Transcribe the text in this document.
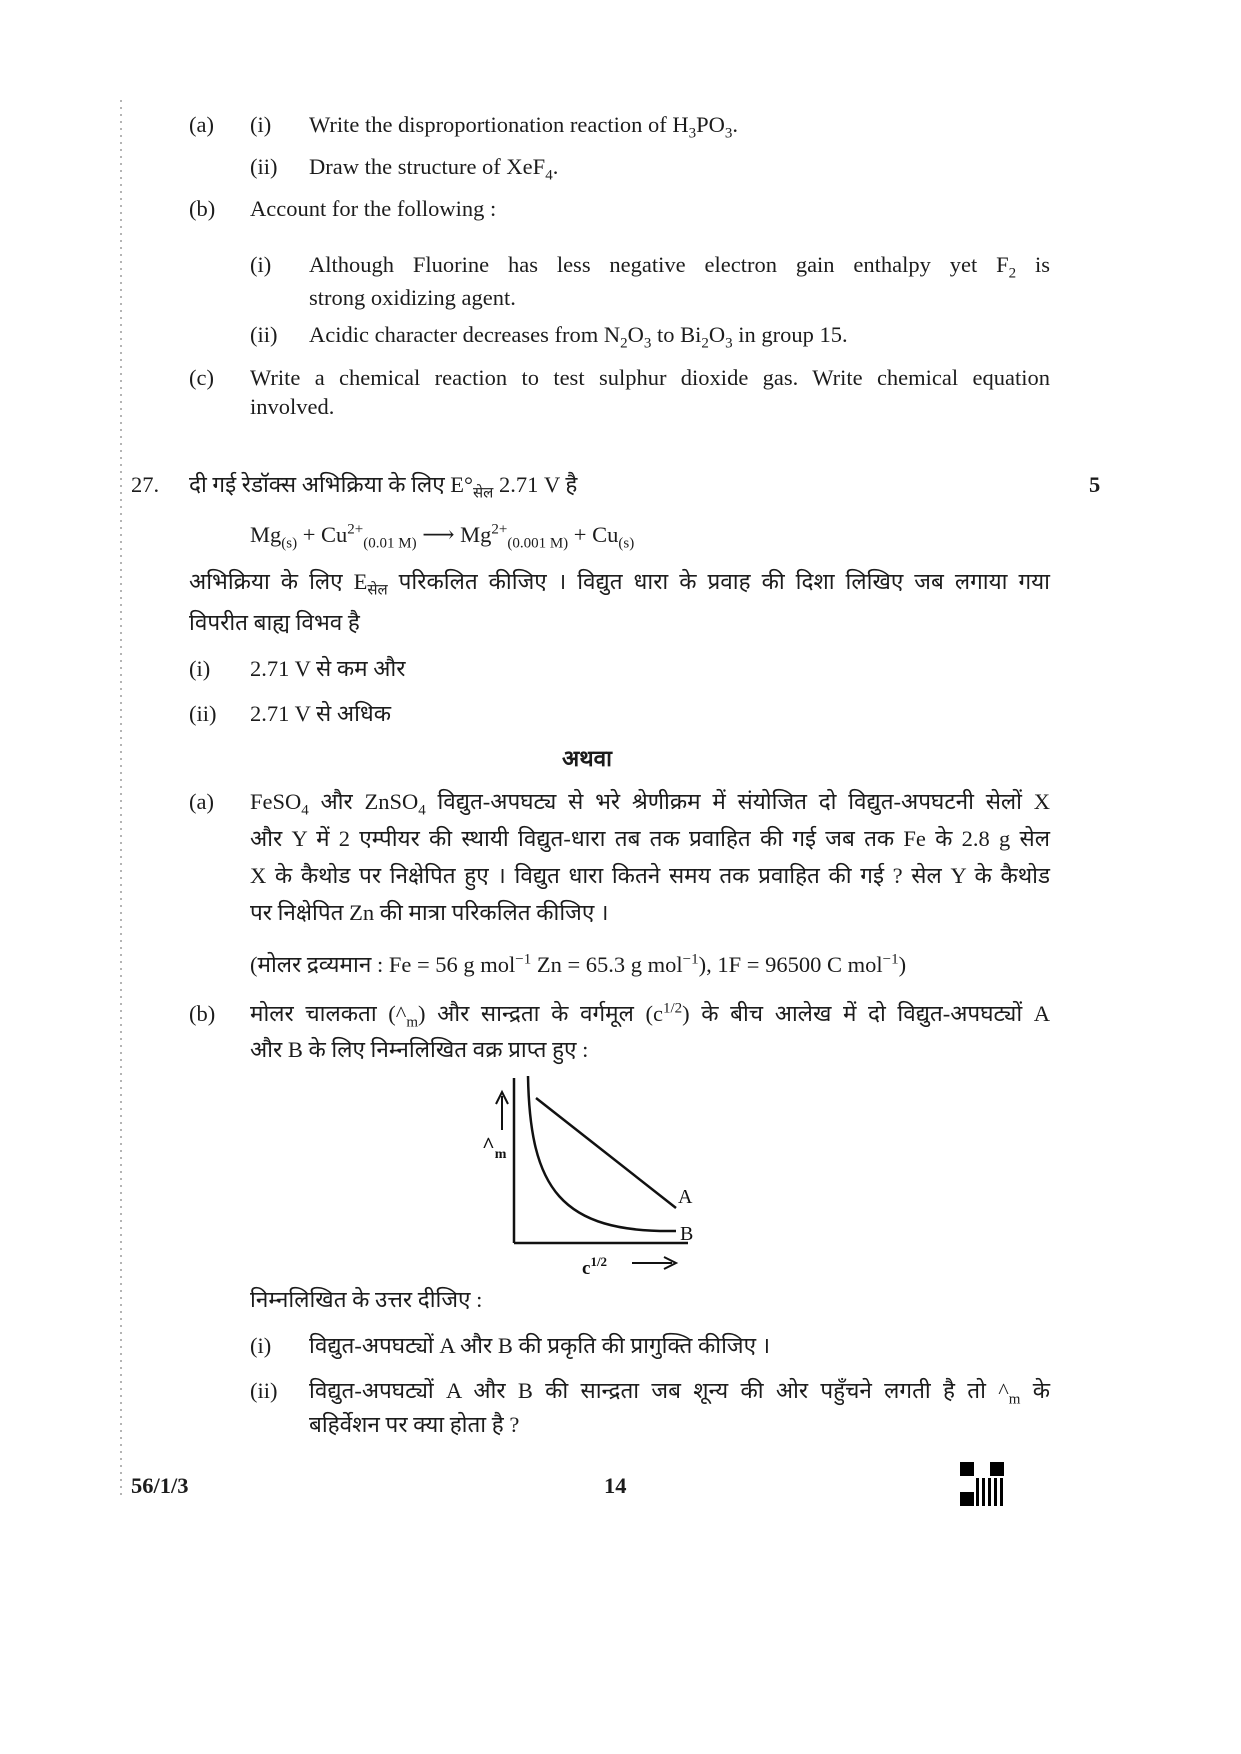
(a) (i) Write the disproportionation reaction of $H_3PO_3$.
(ii) Draw the structure of XeF$_4$.
(b) Account for the following :
(i) Although Fluorine has less negative electron gain enthalpy yet $F_2$ is
strong oxidizing agent.
(ii) Acidic character decreases from $N_2O_3$ to $Bi_2O_3$ in group 15.
(c) Write a chemical reaction to test sulphur dioxide gas. Write chemical equation
involved.
27. दी गई रेडॉक्स अभिक्रिया के लिए $E^\circ_{सेल}$ 2.71 V है	5
$Mg_{(s)} + Cu^{2+}_{(0.01 M)}$ ⟶ $Mg^{2+}_{(0.001 M)} + Cu_{(s)}$
अभिक्रिया के लिए $E_{सेल}$ परिकलित कीजिए । विद्युत धारा के प्रवाह की दिशा लिखिए जब लगाया गया
विपरीत बाह्य विभव है
(i) 2.71 V से कम और
(ii) 2.71 V से अधिक
अथवा
(a) FeSO$_4$ और ZnSO$_4$ विद्युत-अपघट्य से भरे श्रेणीक्रम में संयोजित दो विद्युत-अपघटनी सेलों X
और Y में 2 एम्पीयर की स्थायी विद्युत-धारा तब तक प्रवाहित की गई जब तक Fe के 2.8 g सेल
X के कैथोड पर निक्षेपित हुए । विद्युत धारा कितने समय तक प्रवाहित की गई ? सेल Y के कैथोड
पर निक्षेपित Zn की मात्रा परिकलित कीजिए ।
(मोलर द्रव्यमान : Fe = 56 g mol$^{-1}$ Zn = 65.3 g mol$^{-1}$), 1F = 96500 C mol$^{-1}$)
(b) मोलर चालकता $(\^{}_m)$ और सान्द्रता के वर्गमूल $(c^{1/2})$ के बीच आलेख में दो विद्युत-अपघट्यों A
और B के लिए निम्नलिखित वक्र प्राप्त हुए :
$\^{}_m$
$c^{1/2}$
A
B
निम्नलिखित के उत्तर दीजिए :
(i) विद्युत-अपघट्यों A और B की प्रकृति की प्रागुक्ति कीजिए ।
(ii) विद्युत-अपघट्यों A और B की सान्द्रता जब शून्य की ओर पहुँचने लगती है तो $\^{}_m$ के
बहिर्वेशन पर क्या होता है ?
56/1/3	14
